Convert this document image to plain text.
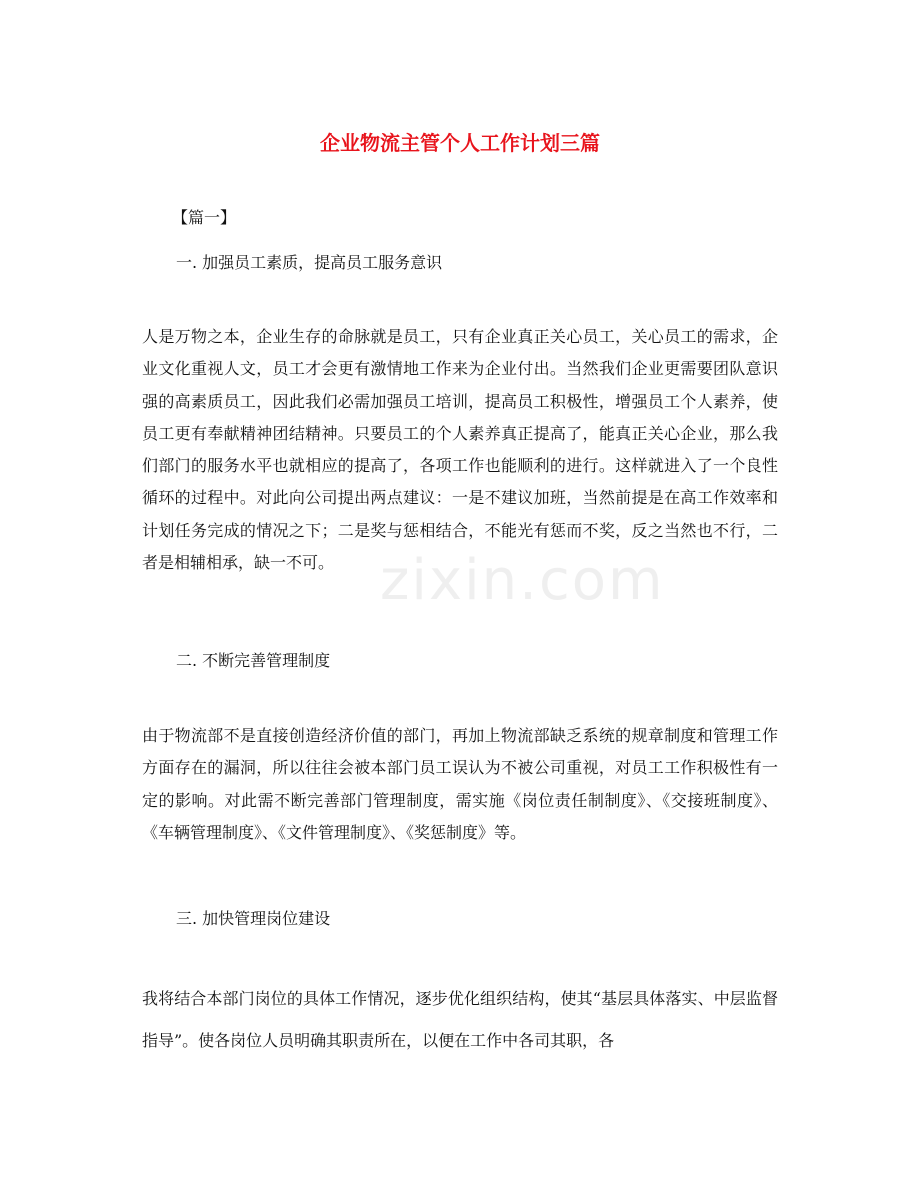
企业物流主管个人工作计划三篇

【篇一】

一. 加强员工素质，提高员工服务意识

人是万物之本，企业生存的命脉就是员工，只有企业真正关心员工，关心员工的需求，企业文化重视人文，员工才会更有激情地工作来为企业付出。当然我们企业更需要团队意识强的高素质员工，因此我们必需加强员工培训，提高员工积极性，增强员工个人素养，使员工更有奉献精神团结精神。只要员工的个人素养真正提高了，能真正关心企业，那么我们部门的服务水平也就相应的提高了，各项工作也能顺利的进行。这样就进入了一个良性循环的过程中。对此向公司提出两点建议：一是不建议加班，当然前提是在高工作效率和计划任务完成的情况之下；二是奖与惩相结合，不能光有惩而不奖，反之当然也不行，二者是相辅相承，缺一不可。

二. 不断完善管理制度

由于物流部不是直接创造经济价值的部门，再加上物流部缺乏系统的规章制度和管理工作方面存在的漏洞，所以往往会被本部门员工误认为不被公司重视，对员工工作积极性有一定的影响。对此需不断完善部门管理制度，需实施《岗位责任制制度》、《交接班制度》、《车辆管理制度》、《文件管理制度》、《奖惩制度》等。

三. 加快管理岗位建设

我将结合本部门岗位的具体工作情况，逐步优化组织结构，使其“基层具体落实、中层监督指导”。使各岗位人员明确其职责所在，以便在工作中各司其职，各

zixin.com
